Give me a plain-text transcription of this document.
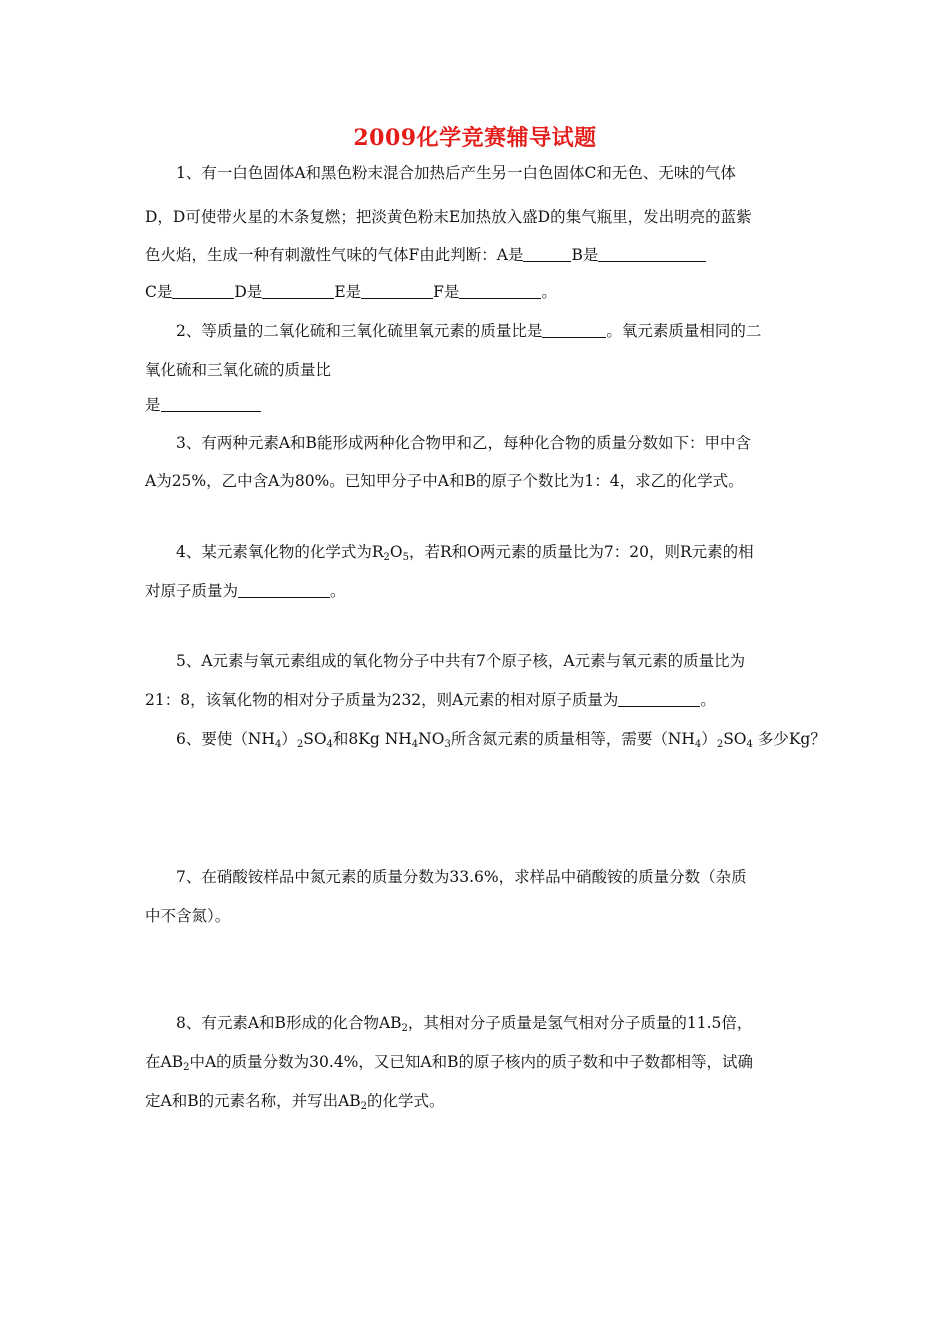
2009化学竞赛辅导试题
1、有一白色固体A和黑色粉末混合加热后产生另一白色固体C和无色、无味的气体
D，D可使带火星的木条复燃；把淡黄色粉末E加热放入盛D的集气瓶里，发出明亮的蓝紫
色火焰，生成一种有刺激性气味的气体F由此判断：A是	B是
C是	D是	E是	F是	。
2、等质量的二氧化硫和三氧化硫里氧元素的质量比是	。氧元素质量相同的二
氧化硫和三氧化硫的质量比
是
3、有两种元素A和B能形成两种化合物甲和乙，每种化合物的质量分数如下：甲中含
A为25%，乙中含A为80%。已知甲分子中A和B的原子个数比为1：4，求乙的化学式。
4、某元素氧化物的化学式为$R_2O_5$，若R和O两元素的质量比为7：20，则R元素的相
对原子质量为	。
5、A元素与氧元素组成的氧化物分子中共有7个原子核，A元素与氧元素的质量比为
21：8，该氧化物的相对分子质量为232，则A元素的相对原子质量为	。
6、要使$(NH_4)_2SO_4$和8Kg $NH_4NO_3$所含氮元素的质量相等，需要$(NH_4)_2SO_4$ 多少Kg？
7、在硝酸铵样品中氮元素的质量分数为33.6%，求样品中硝酸铵的质量分数（杂质
中不含氮）。
8、有元素A和B形成的化合物$AB_2$，其相对分子质量是氢气相对分子质量的11.5倍，
在$AB_2$中A的质量分数为30.4%，又已知A和B的原子核内的质子数和中子数都相等，试确
定A和B的元素名称，并写出$AB_2$的化学式。
